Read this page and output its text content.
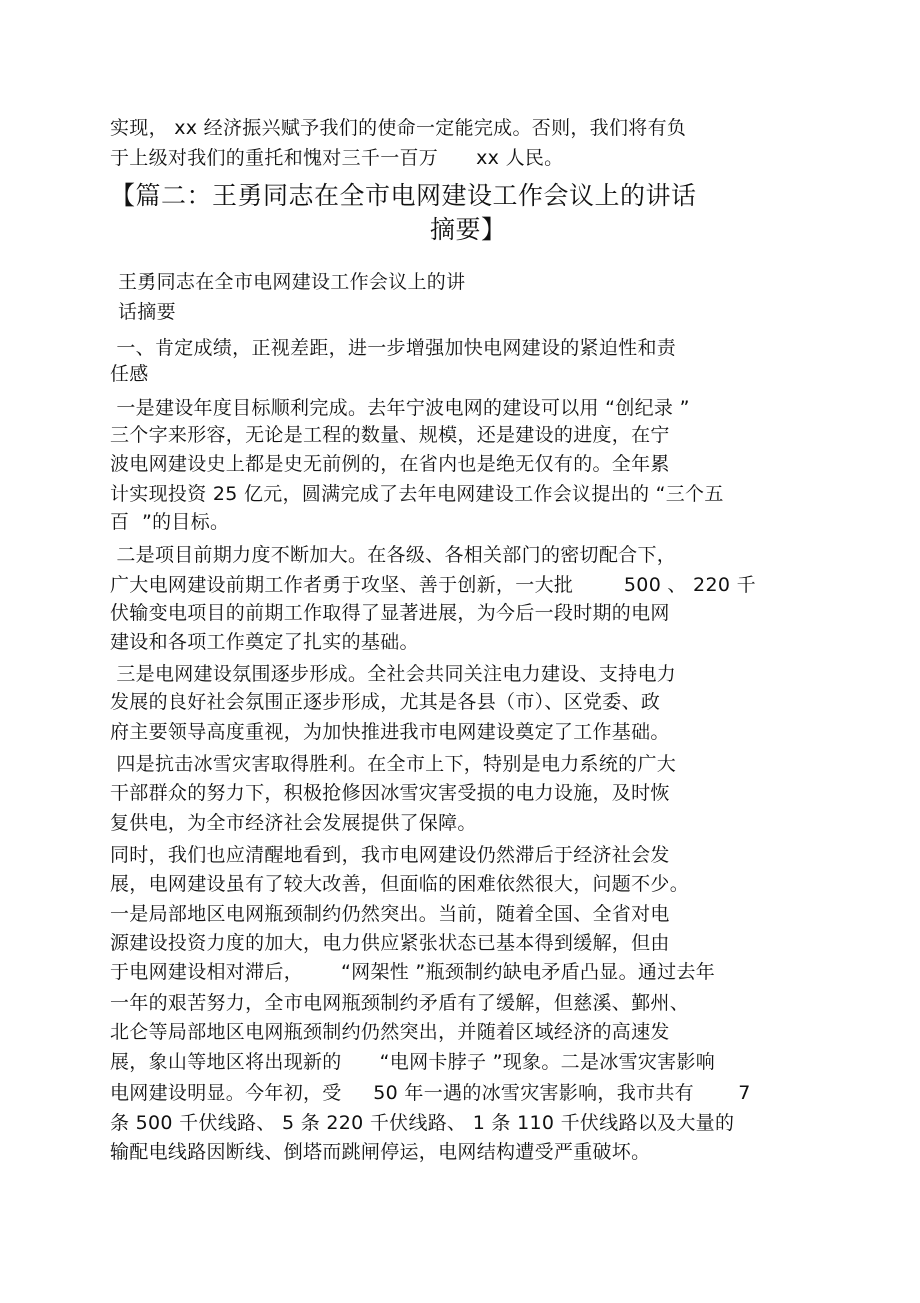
实现， xx 经济振兴赋予我们的使命一定能完成。否则，我们将有负
于上级对我们的重托和愧对三千一百万      xx 人民。
【篇二：王勇同志在全市电网建设工作会议上的讲话
摘要】
王勇同志在全市电网建设工作会议上的讲
话摘要
一、肯定成绩，正视差距，进一步增强加快电网建设的紧迫性和责
任感
一是建设年度目标顺利完成。去年宁波电网的建设可以用 “创纪录 ”
三个字来形容，无论是工程的数量、规模，还是建设的进度，在宁
波电网建设史上都是史无前例的，在省内也是绝无仅有的。全年累
计实现投资 25 亿元，圆满完成了去年电网建设工作会议提出的 “三个五
百  ”的目标。
二是项目前期力度不断加大。在各级、各相关部门的密切配合下，
广大电网建设前期工作者勇于攻坚、善于创新，一大批        500 、 220 千
伏输变电项目的前期工作取得了显著进展，为今后一段时期的电网
建设和各项工作奠定了扎实的基础。
三是电网建设氛围逐步形成。全社会共同关注电力建设、支持电力
发展的良好社会氛围正逐步形成，尤其是各县（市）、区党委、政
府主要领导高度重视，为加快推进我市电网建设奠定了工作基础。
四是抗击冰雪灾害取得胜利。在全市上下，特别是电力系统的广大
干部群众的努力下，积极抢修因冰雪灾害受损的电力设施，及时恢
复供电，为全市经济社会发展提供了保障。
同时，我们也应清醒地看到，我市电网建设仍然滞后于经济社会发
展，电网建设虽有了较大改善，但面临的困难依然很大，问题不少。
一是局部地区电网瓶颈制约仍然突出。当前，随着全国、全省对电
源建设投资力度的加大，电力供应紧张状态已基本得到缓解，但由
于电网建设相对滞后，      “网架性 ”瓶颈制约缺电矛盾凸显。通过去年
一年的艰苦努力，全市电网瓶颈制约矛盾有了缓解，但慈溪、鄞州、
北仑等局部地区电网瓶颈制约仍然突出，并随着区域经济的高速发
展，象山等地区将出现新的      “电网卡脖子 ”现象。二是冰雪灾害影响
电网建设明显。今年初，受     50 年一遇的冰雪灾害影响，我市共有       7
条 500 千伏线路、 5 条 220 千伏线路、 1 条 110 千伏线路以及大量的
输配电线路因断线、倒塔而跳闸停运，电网结构遭受严重破坏。
